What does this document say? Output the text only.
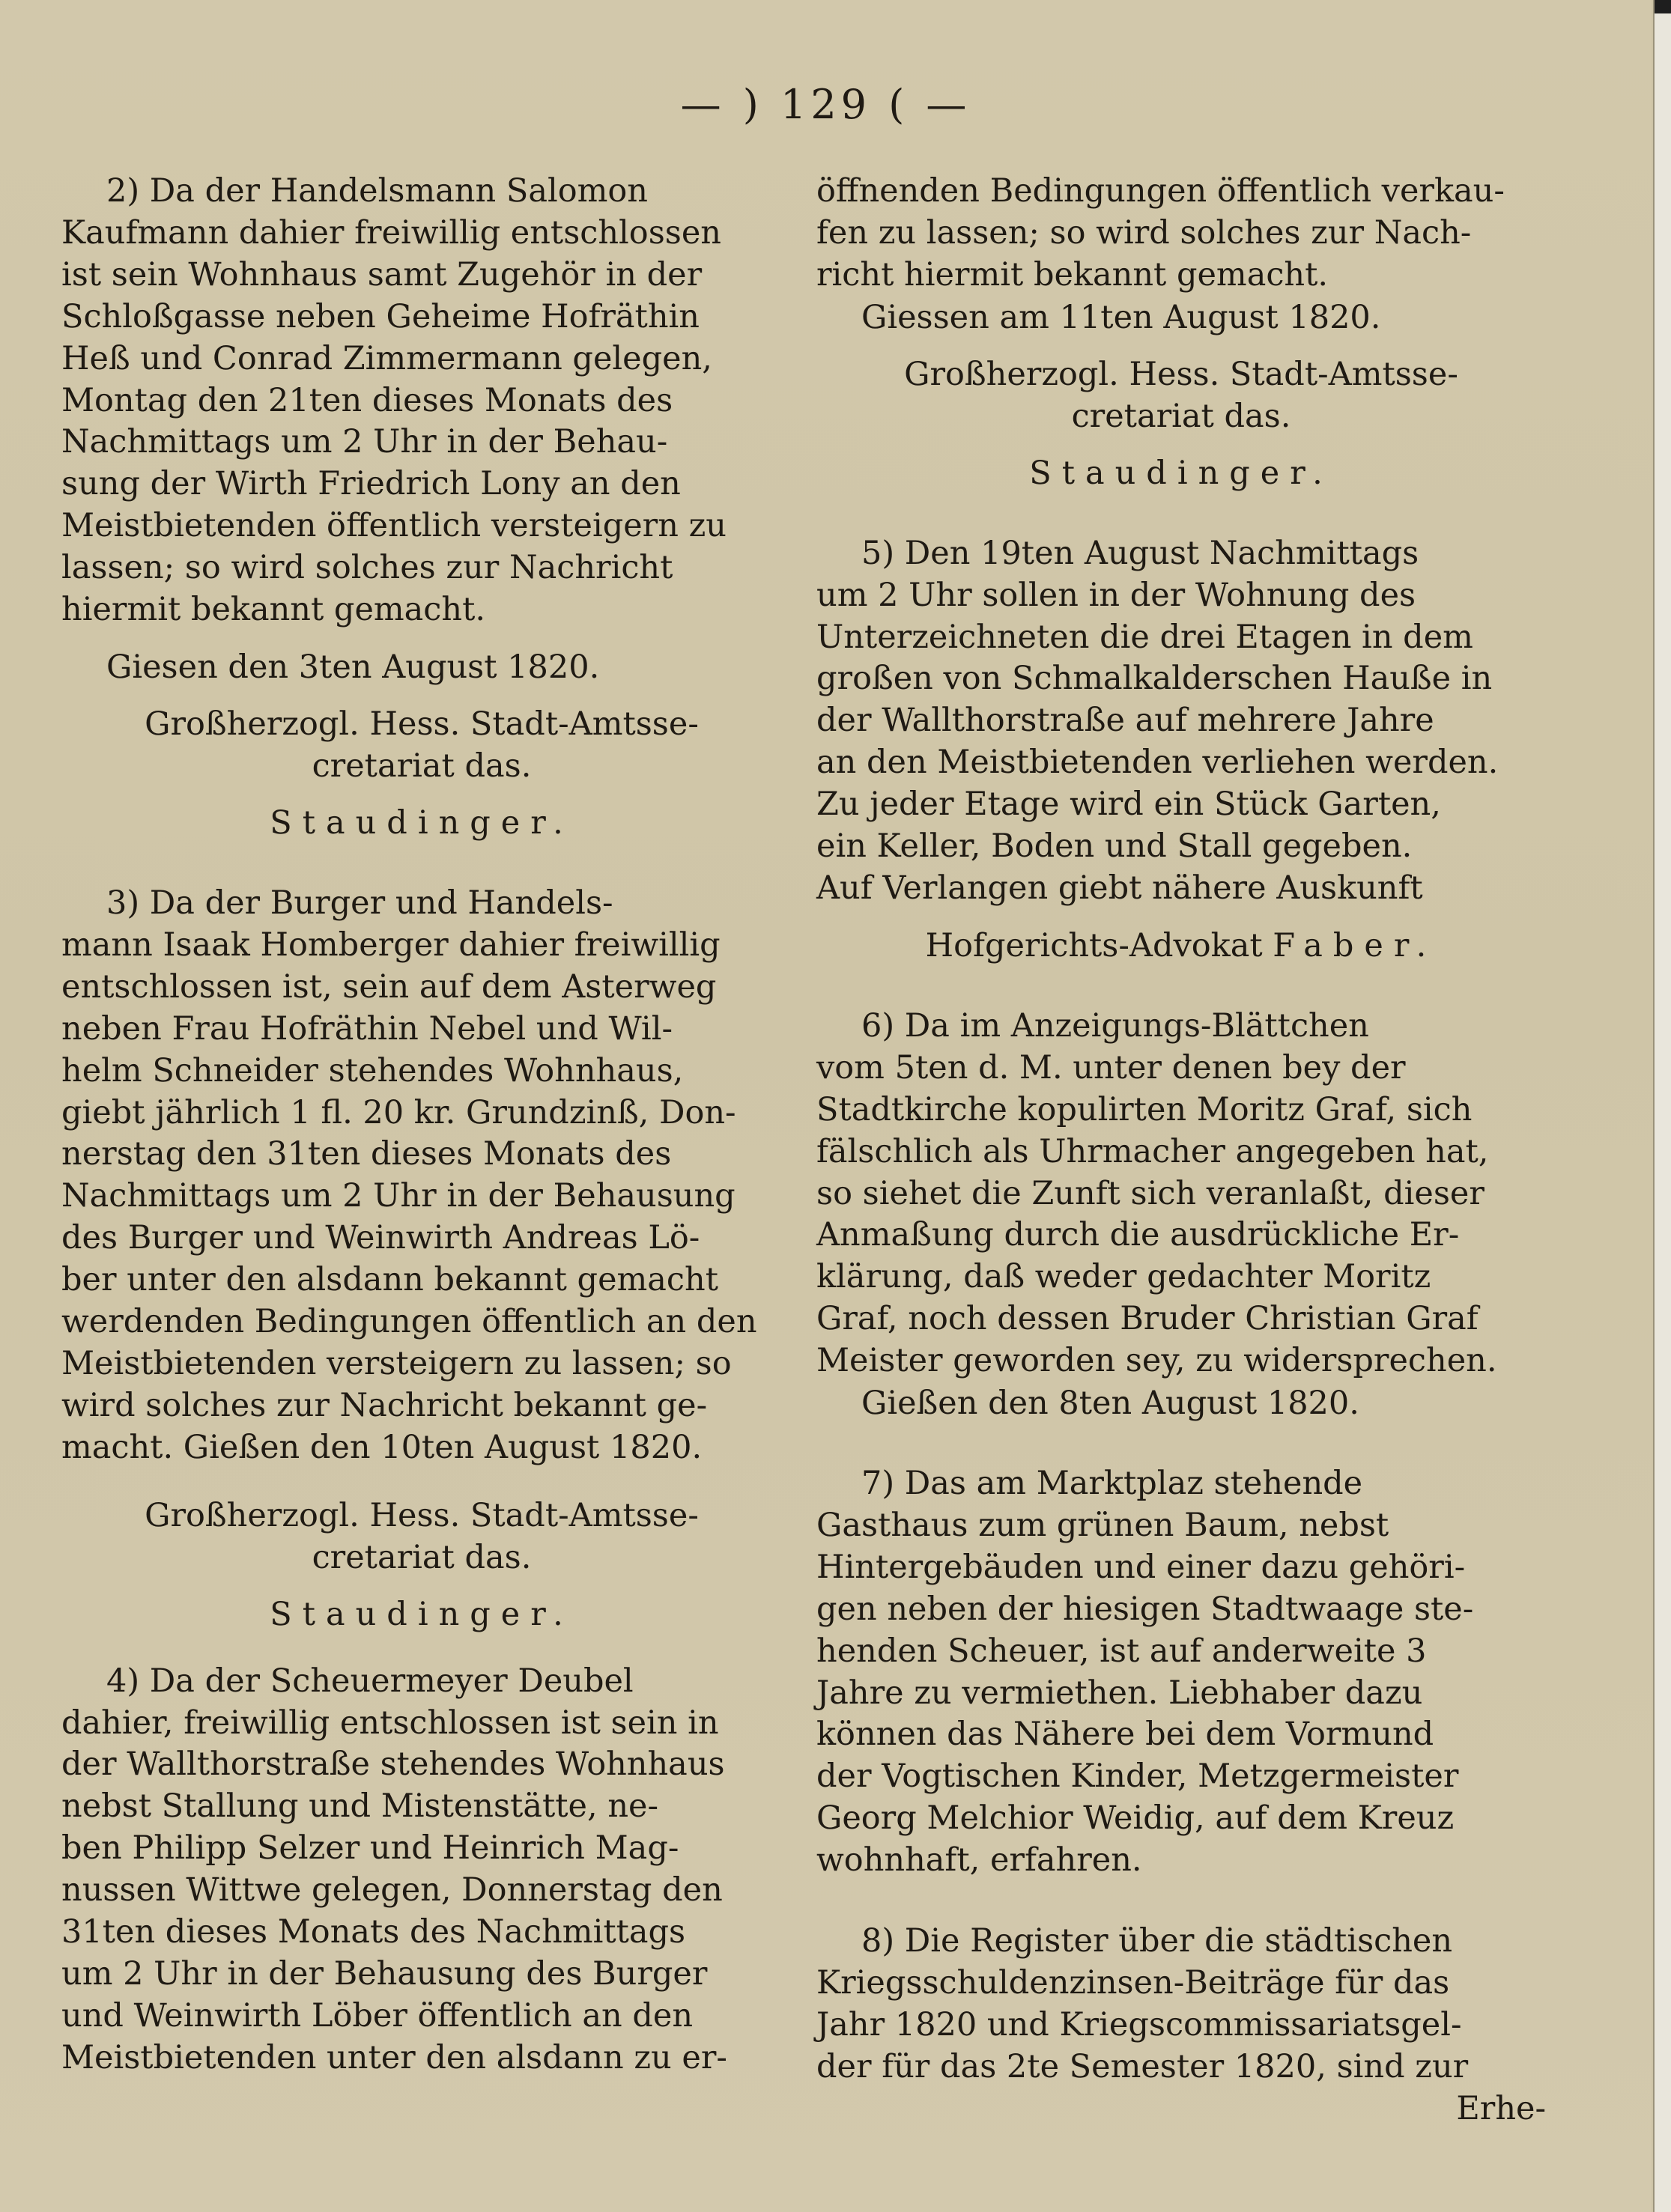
— ) 129 ( —

2) Da der Handelsmann Salomon
Kaufmann dahier freiwillig entschlossen
ist sein Wohnhaus samt Zugehör in der
Schloßgasse neben Geheime Hofräthin
Heß und Conrad Zimmermann gelegen,
Montag den 21ten dieses Monats des
Nachmittags um 2 Uhr in der Behau-
sung der Wirth Friedrich Lony an den
Meistbietenden öffentlich versteigern zu
lassen; so wird solches zur Nachricht
hiermit bekannt gemacht.

Giesen den 3ten August 1820.

Großherzogl. Hess. Stadt-Amtsse-
cretariat das.

Staudinger.

3) Da der Burger und Handels-
mann Isaak Homberger dahier freiwillig
entschlossen ist, sein auf dem Asterweg
neben Frau Hofräthin Nebel und Wil-
helm Schneider stehendes Wohnhaus,
giebt jährlich 1 fl. 20 kr. Grundzinß, Don-
nerstag den 31ten dieses Monats des
Nachmittags um 2 Uhr in der Behausung
des Burger und Weinwirth Andreas Lö-
ber unter den alsdann bekannt gemacht
werdenden Bedingungen öffentlich an den
Meistbietenden versteigern zu lassen; so
wird solches zur Nachricht bekannt ge-
macht. Gießen den 10ten August 1820.

Großherzogl. Hess. Stadt-Amtsse-
cretariat das.

Staudinger.

4) Da der Scheuermeyer Deubel
dahier, freiwillig entschlossen ist sein in
der Wallthorstraße stehendes Wohnhaus
nebst Stallung und Mistenstätte, ne-
ben Philipp Selzer und Heinrich Mag-
nussen Wittwe gelegen, Donnerstag den
31ten dieses Monats des Nachmittags
um 2 Uhr in der Behausung des Burger
und Weinwirth Löber öffentlich an den
Meistbietenden unter den alsdann zu er-

öffnenden Bedingungen öffentlich verkau-
fen zu lassen; so wird solches zur Nach-
richt hiermit bekannt gemacht.

Giessen am 11ten August 1820.

Großherzogl. Hess. Stadt-Amtsse-
cretariat das.

Staudinger.

5) Den 19ten August Nachmittags
um 2 Uhr sollen in der Wohnung des
Unterzeichneten die drei Etagen in dem
großen von Schmalkalderschen Hauße in
der Wallthorstraße auf mehrere Jahre
an den Meistbietenden verliehen werden.
Zu jeder Etage wird ein Stück Garten,
ein Keller, Boden und Stall gegeben.
Auf Verlangen giebt nähere Auskunft

Hofgerichts-Advokat Faber.

6) Da im Anzeigungs-Blättchen
vom 5ten d. M. unter denen bey der
Stadtkirche kopulirten Moritz Graf, sich
fälschlich als Uhrmacher angegeben hat,
so siehet die Zunft sich veranlaßt, dieser
Anmaßung durch die ausdrückliche Er-
klärung, daß weder gedachter Moritz
Graf, noch dessen Bruder Christian Graf
Meister geworden sey, zu widersprechen.

Gießen den 8ten August 1820.

7) Das am Marktplaz stehende
Gasthaus zum grünen Baum, nebst
Hintergebäuden und einer dazu gehöri-
gen neben der hiesigen Stadtwaage ste-
henden Scheuer, ist auf anderweite 3
Jahre zu vermiethen. Liebhaber dazu
können das Nähere bei dem Vormund
der Vogtischen Kinder, Metzgermeister
Georg Melchior Weidig, auf dem Kreuz
wohnhaft, erfahren.

8) Die Register über die städtischen
Kriegsschuldenzinsen-Beiträge für das
Jahr 1820 und Kriegscommissariatsgel-
der für das 2te Semester 1820, sind zur

Erhe-
